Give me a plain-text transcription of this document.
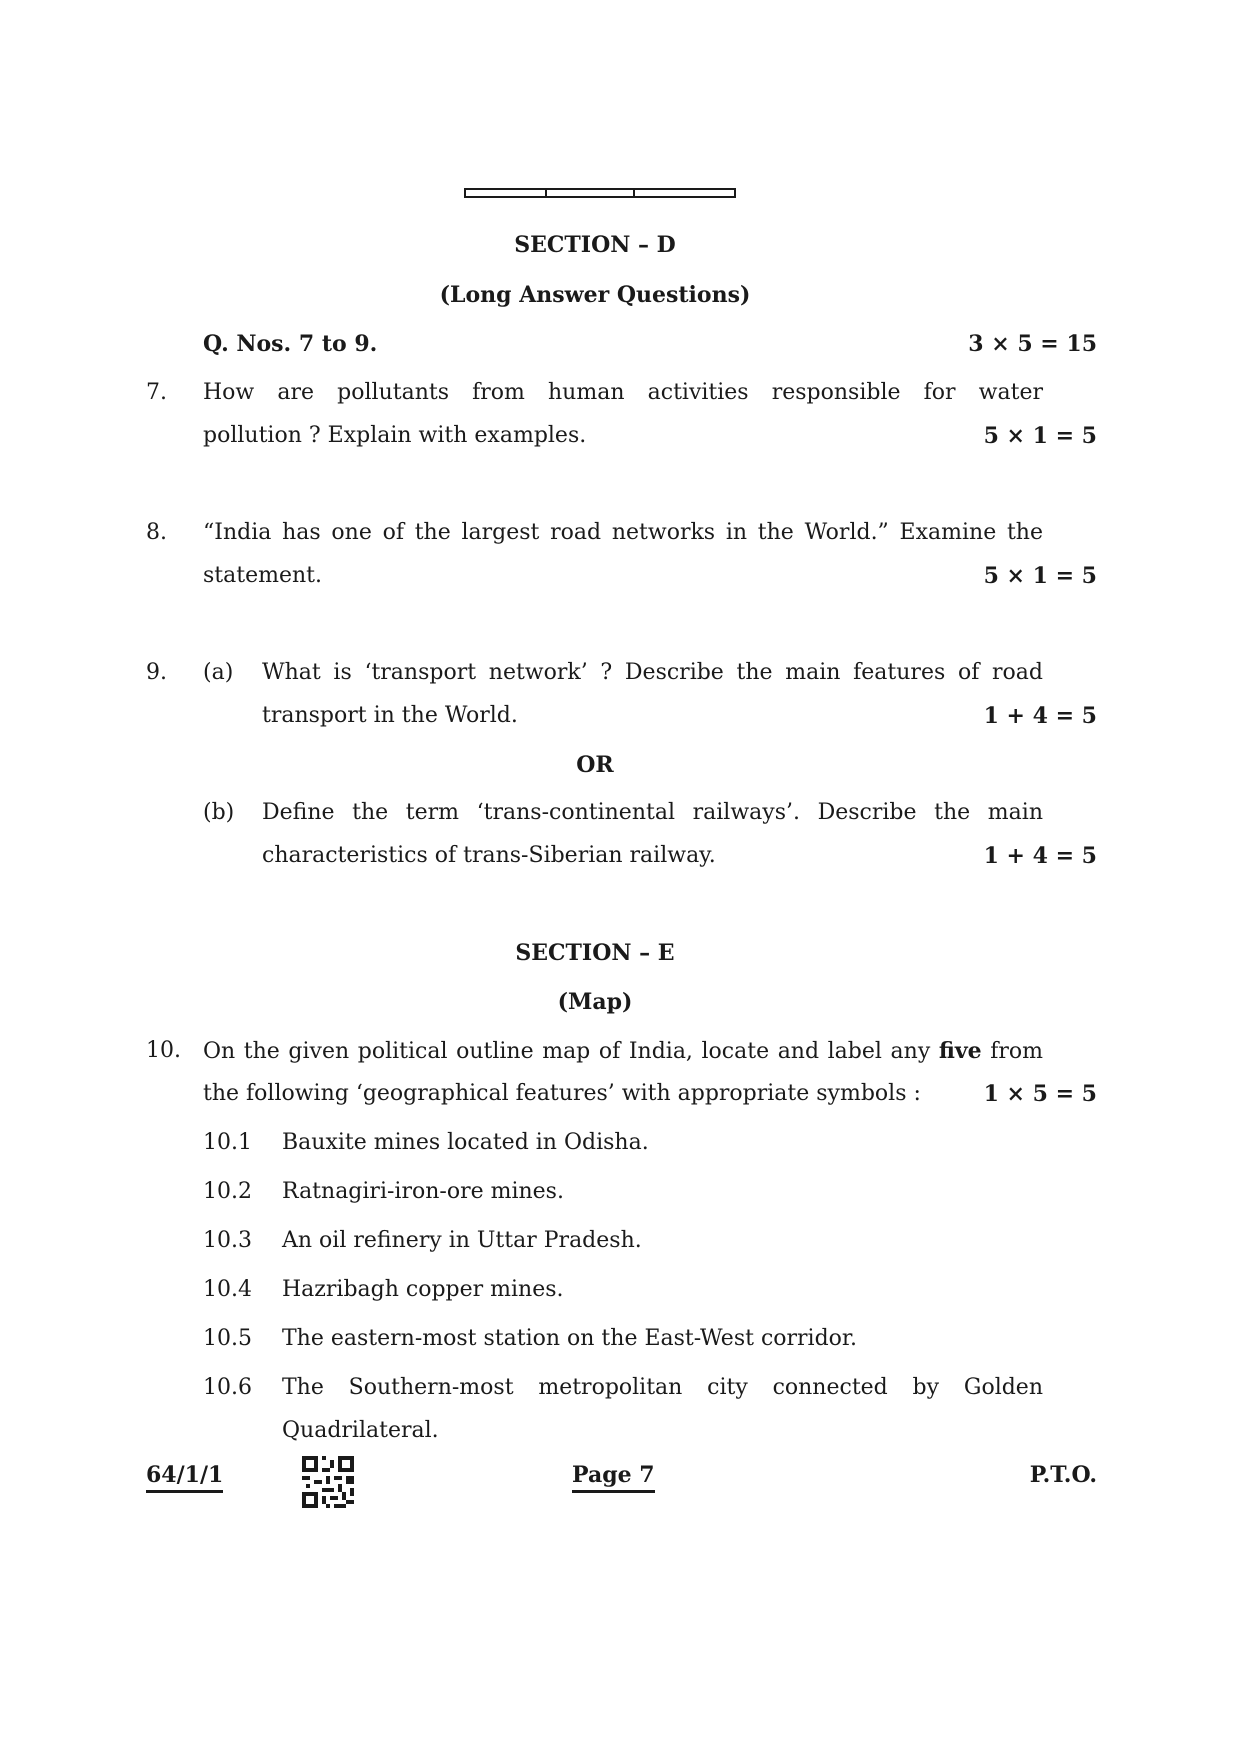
SECTION – D
(Long Answer Questions)
Q. Nos. 7 to 9.	3 × 5 = 15
7. How are pollutants from human activities responsible for water
pollution ? Explain with examples.	5 × 1 = 5
8. “India has one of the largest road networks in the World.” Examine the
statement.	5 × 1 = 5
9. (a) What is ‘transport network’ ? Describe the main features of road
transport in the World.	1 + 4 = 5
OR
(b) Define the term ‘trans-continental railways’. Describe the main
characteristics of trans-Siberian railway.	1 + 4 = 5
SECTION – E
(Map)
10. On the given political outline map of India, locate and label any five from
the following ‘geographical features’ with appropriate symbols :	1 × 5 = 5
10.1 Bauxite mines located in Odisha.
10.2 Ratnagiri-iron-ore mines.
10.3 An oil refinery in Uttar Pradesh.
10.4 Hazribagh copper mines.
10.5 The eastern-most station on the East-West corridor.
10.6 The Southern-most metropolitan city connected by Golden
Quadrilateral.
64/1/1	Page 7	P.T.O.
